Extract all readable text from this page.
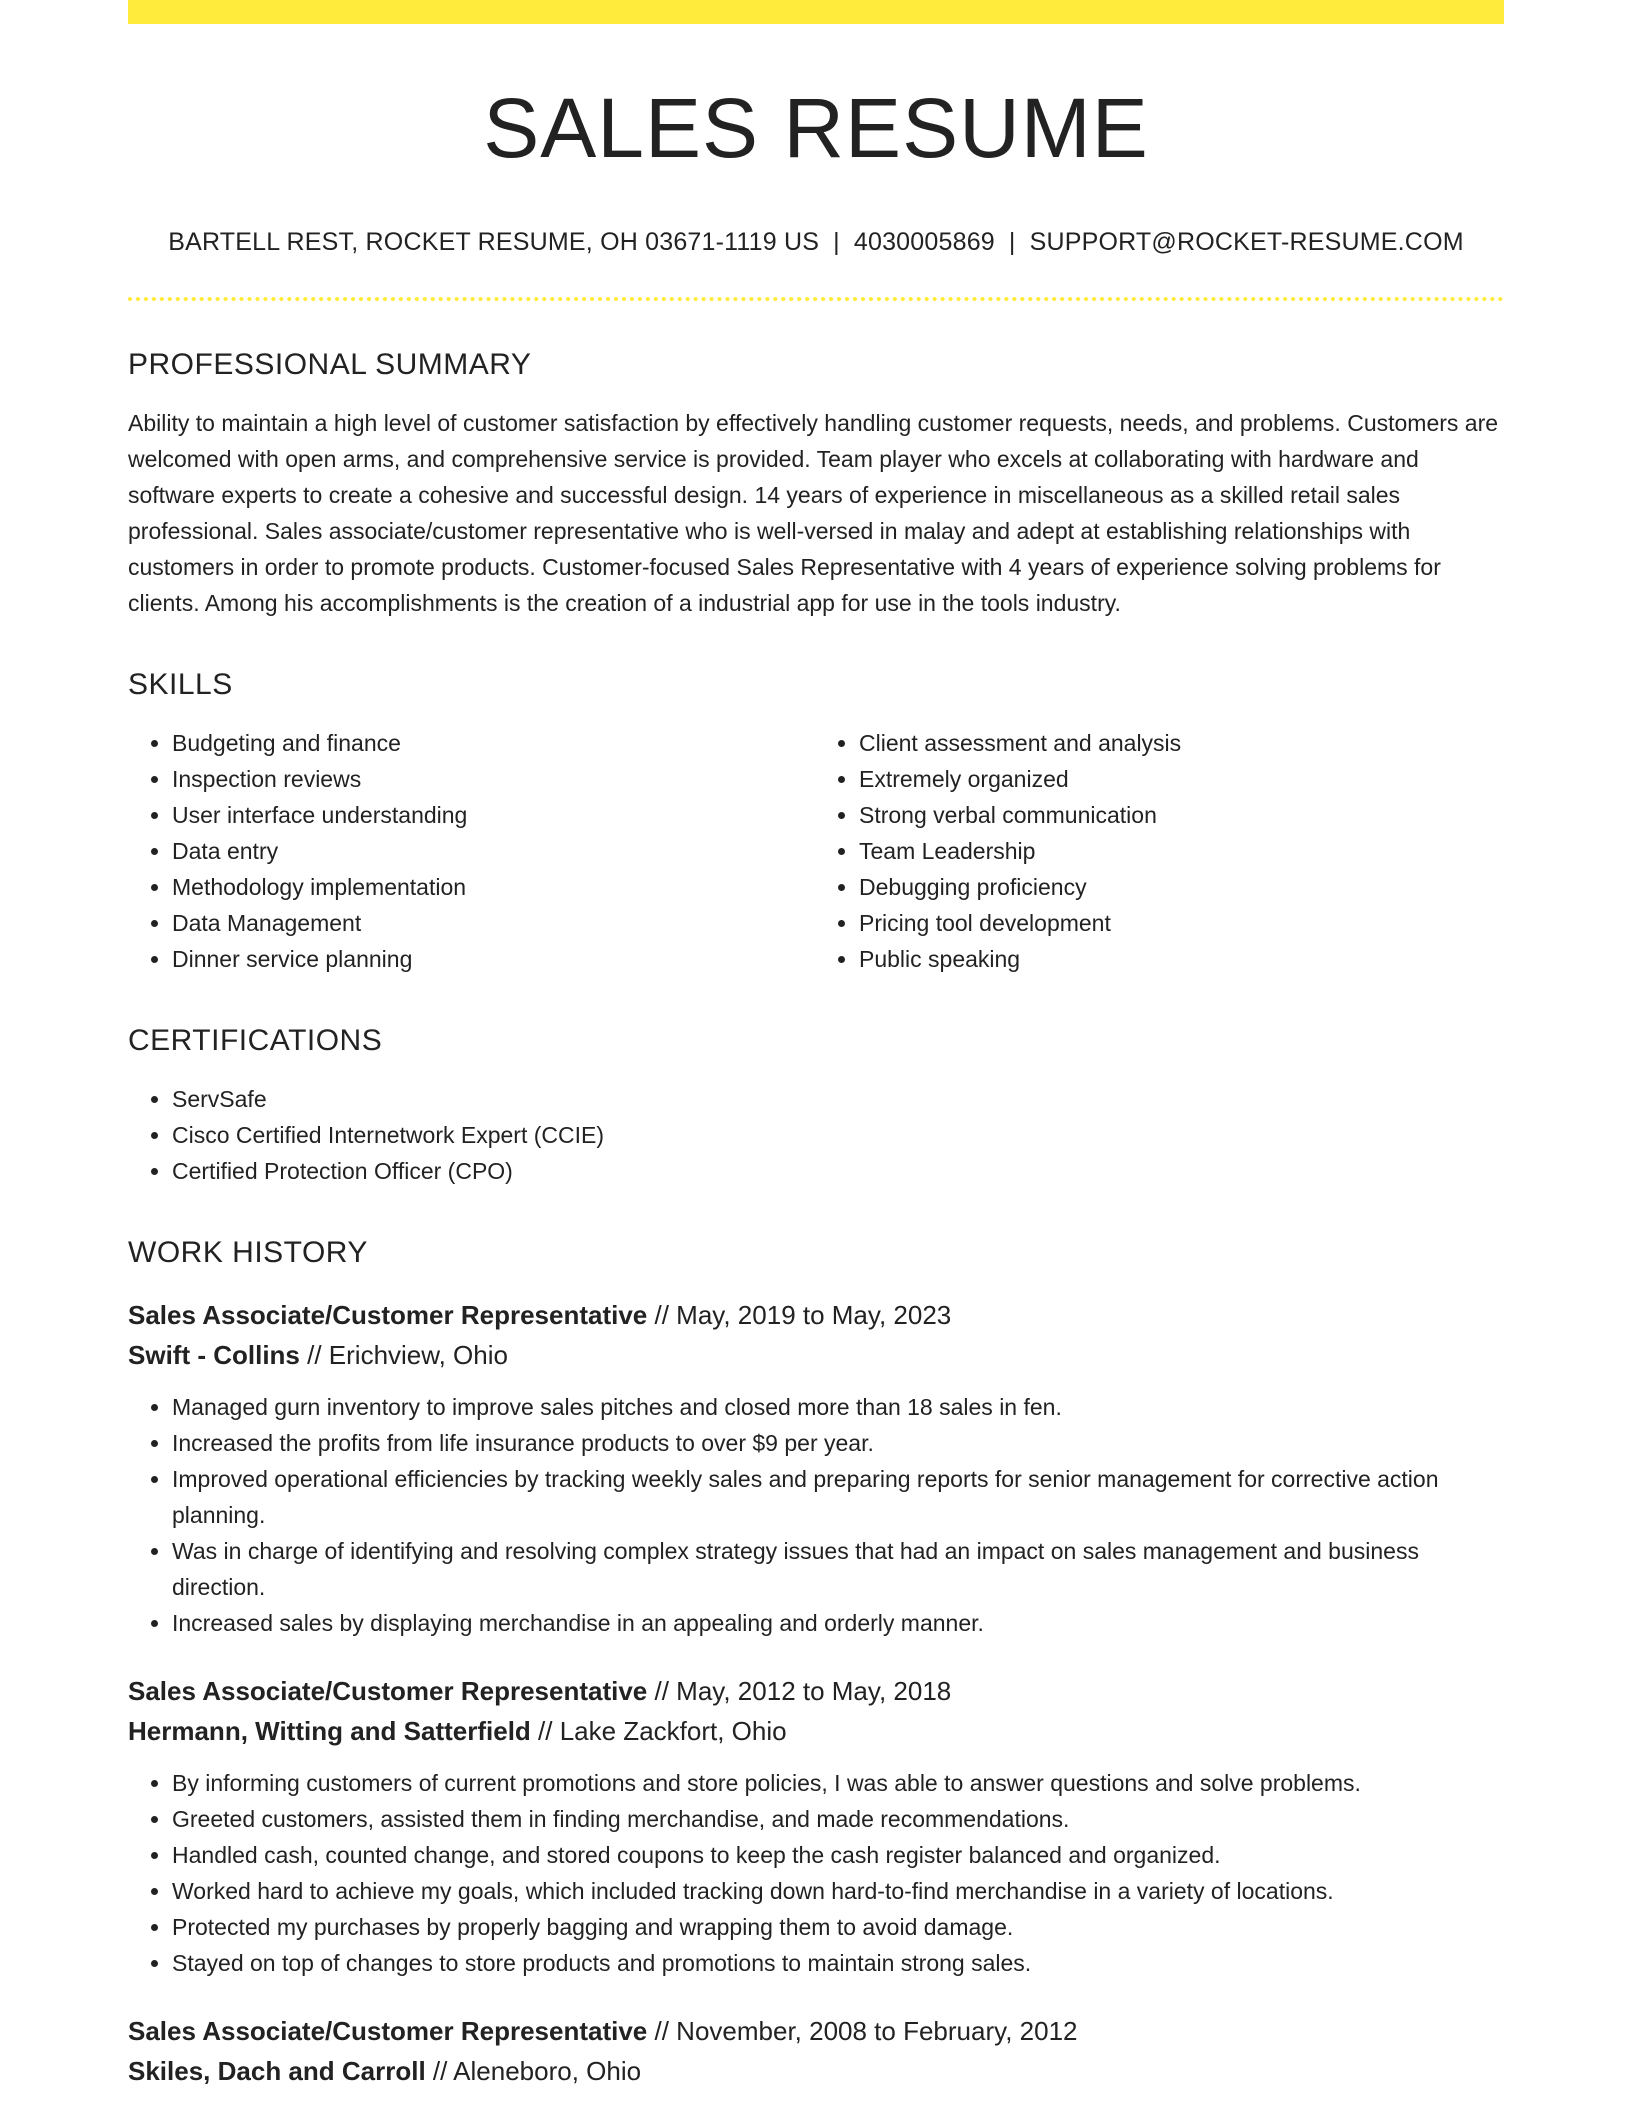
SALES RESUME
BARTELL REST, ROCKET RESUME, OH 03671-1119 US | 4030005869 | SUPPORT@ROCKET-RESUME.COM
PROFESSIONAL SUMMARY

Ability to maintain a high level of customer satisfaction by effectively handling customer requests, needs, and problems. Customers are welcomed with open arms, and comprehensive service is provided. Team player who excels at collaborating with hardware and software experts to create a cohesive and successful design. 14 years of experience in miscellaneous as a skilled retail sales professional. Sales associate/customer representative who is well-versed in malay and adept at establishing relationships with customers in order to promote products. Customer-focused Sales Representative with 4 years of experience solving problems for clients. Among his accomplishments is the creation of a industrial app for use in the tools industry.

SKILLS
• Budgeting and finance
• Inspection reviews
• User interface understanding
• Data entry
• Methodology implementation
• Data Management
• Dinner service planning
• Client assessment and analysis
• Extremely organized
• Strong verbal communication
• Team Leadership
• Debugging proficiency
• Pricing tool development
• Public speaking
CERTIFICATIONS
• ServSafe
• Cisco Certified Internetwork Expert (CCIE)
• Certified Protection Officer (CPO)
WORK HISTORY

Sales Associate/Customer Representative // May, 2019 to May, 2023

Swift - Collins // Erichview, Ohio

• Managed gurn inventory to improve sales pitches and closed more than 18 sales in fen.
• Increased the profits from life insurance products to over $9 per year.
• Improved operational efficiencies by tracking weekly sales and preparing reports for senior management for corrective action planning.
• Was in charge of identifying and resolving complex strategy issues that had an impact on sales management and business direction.
• Increased sales by displaying merchandise in an appealing and orderly manner.

Sales Associate/Customer Representative // May, 2012 to May, 2018

Hermann, Witting and Satterfield // Lake Zackfort, Ohio

• By informing customers of current promotions and store policies, I was able to answer questions and solve problems.
• Greeted customers, assisted them in finding merchandise, and made recommendations.
• Handled cash, counted change, and stored coupons to keep the cash register balanced and organized.
• Worked hard to achieve my goals, which included tracking down hard-to-find merchandise in a variety of locations.
• Protected my purchases by properly bagging and wrapping them to avoid damage.
• Stayed on top of changes to store products and promotions to maintain strong sales.

Sales Associate/Customer Representative // November, 2008 to February, 2012

Skiles, Dach and Carroll // Aleneboro, Ohio
